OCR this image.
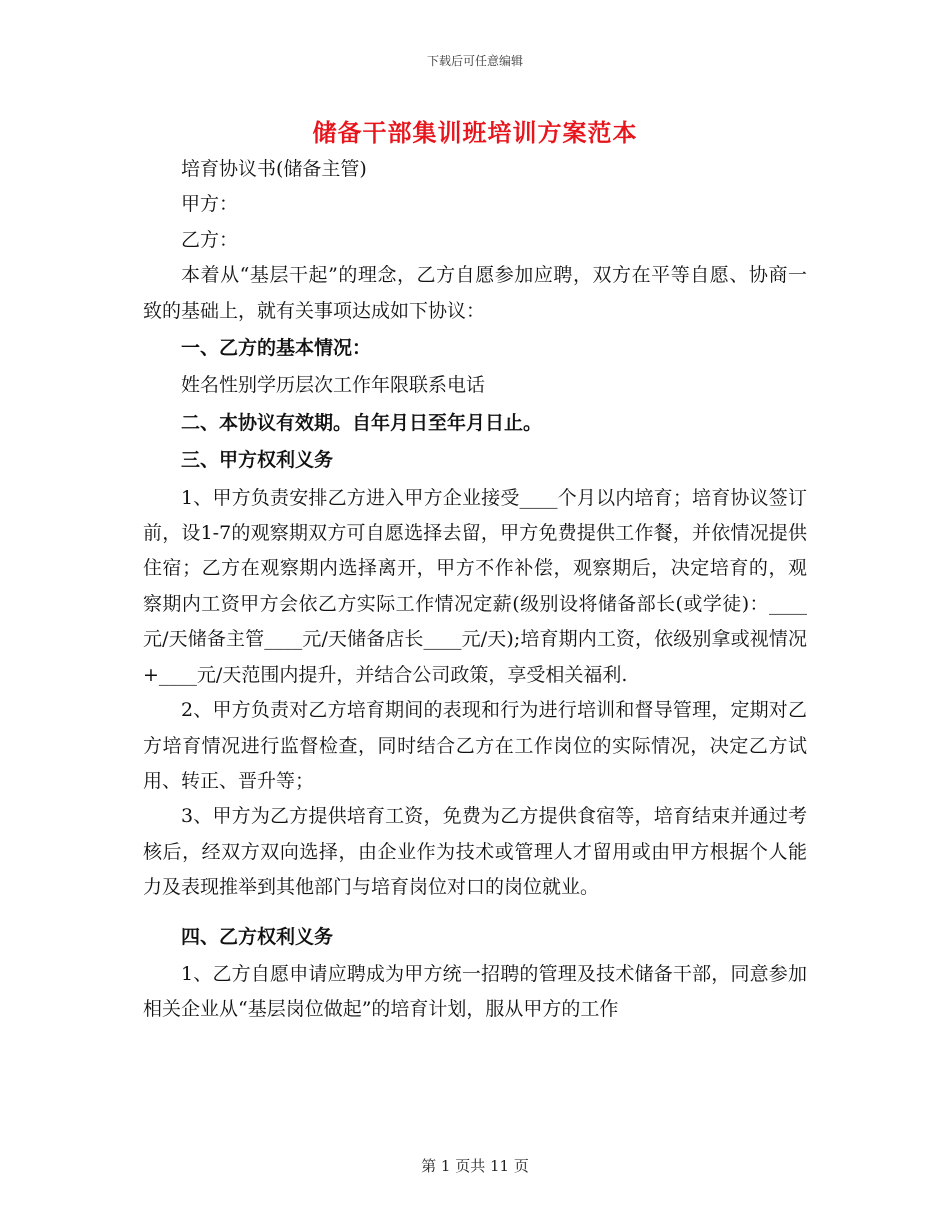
下载后可任意编辑
储备干部集训班培训方案范本

培育协议书(储备主管)

甲方：

乙方：

本着从“基层干起”的理念，乙方自愿参加应聘，双方在平等自愿、协商一致的基础上，就有关事项达成如下协议：

一、乙方的基本情况：

姓名性别学历层次工作年限联系电话

二、本协议有效期。自年月日至年月日止。

三、甲方权利义务

1、甲方负责安排乙方进入甲方企业接受____个月以内培育；培育协议签订前，设1-7的观察期双方可自愿选择去留，甲方免费提供工作餐，并依情况提供住宿；乙方在观察期内选择离开，甲方不作补偿，观察期后，决定培育的，观察期内工资甲方会依乙方实际工作情况定薪(级别设将储备部长(或学徒)：____元/天储备主管____元/天储备店长____元/天);培育期内工资，依级别拿或视情况+____元/天范围内提升，并结合公司政策，享受相关福利.

2、甲方负责对乙方培育期间的表现和行为进行培训和督导管理，定期对乙方培育情况进行监督检查，同时结合乙方在工作岗位的实际情况，决定乙方试用、转正、晋升等；

3、甲方为乙方提供培育工资，免费为乙方提供食宿等，培育结束并通过考核后，经双方双向选择，由企业作为技术或管理人才留用或由甲方根据个人能力及表现推举到其他部门与培育岗位对口的岗位就业。

四、乙方权利义务

1、乙方自愿申请应聘成为甲方统一招聘的管理及技术储备干部，同意参加相关企业从“基层岗位做起”的培育计划，服从甲方的工作

第 1 页共 11 页
